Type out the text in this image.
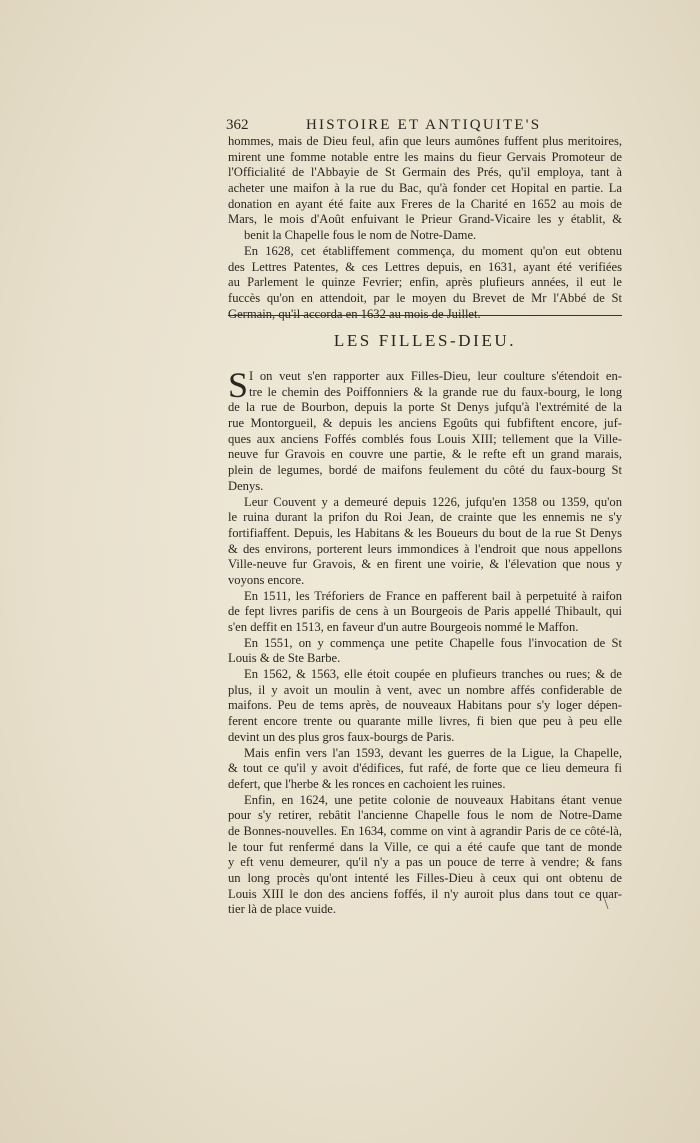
362	HISTOIRE ET ANTIQUITE'S
hommes, mais de Dieu feul, afin que leurs aumônes fuffent plus meritoires,
mirent une fomme notable entre les mains du fieur Gervais Promoteur de
l'Officialité de l'Abbayie de St Germain des Prés, qu'il employa, tant à
acheter une maifon à la rue du Bac, qu'à fonder cet Hopital en partie. La
donation en ayant été faite aux Freres de la Charité en 1652 au mois de
Mars, le mois d'Août enfuivant le Prieur Grand-Vicaire les y établit, &
benit la Chapelle fous le nom de Notre-Dame.
En 1628, cet établiffement commença, du moment qu'on eut obtenu
des Lettres Patentes, & ces Lettres depuis, en 1631, ayant été verifiées
au Parlement le quinze Fevrier; enfin, après plufieurs années, il eut le
fuccès qu'on en attendoit, par le moyen du Brevet de Mr l'Abbé de St
Germain, qu'il accorda en 1632 au mois de Juillet.
LES FILLES-DIEU.
S I on veut s'en rapporter aux Filles-Dieu, leur coulture s'étendoit en-
tre le chemin des Poiffonniers & la grande rue du faux-bourg, le long
de la rue de Bourbon, depuis la porte St Denys jufqu'à l'extrémité de la
rue Montorgueil, & depuis les anciens Egoûts qui fubfiftent encore, juf-
ques aux anciens Foffés comblés fous Louis XIII; tellement que la Ville-
neuve fur Gravois en couvre une partie, & le refte eft un grand marais,
plein de legumes, bordé de maifons feulement du côté du faux-bourg St
Denys.
Leur Couvent y a demeuré depuis 1226, jufqu'en 1358 ou 1359, qu'on
le ruina durant la prifon du Roi Jean, de crainte que les ennemis ne s'y
fortifiaffent. Depuis, les Habitans & les Boueurs du bout de la rue St Denys
& des environs, porterent leurs immondices à l'endroit que nous appellons
Ville-neuve fur Gravois, & en firent une voirie, & l'élevation que nous y
voyons encore.
En 1511, les Tréforiers de France en pafferent bail à perpetuité à raifon
de fept livres parifis de cens à un Bourgeois de Paris appellé Thibault, qui
s'en deffit en 1513, en faveur d'un autre Bourgeois nommé le Maffon.
En 1551, on y commença une petite Chapelle fous l'invocation de St
Louis & de Ste Barbe.
En 1562, & 1563, elle étoit coupée en plufieurs tranches ou rues; & de
plus, il y avoit un moulin à vent, avec un nombre affés confiderable de
maifons. Peu de tems après, de nouveaux Habitans pour s'y loger dépen-
ferent encore trente ou quarante mille livres, fi bien que peu à peu elle
devint un des plus gros faux-bourgs de Paris.
Mais enfin vers l'an 1593, devant les guerres de la Ligue, la Chapelle,
& tout ce qu'il y avoit d'édifices, fut rafé, de forte que ce lieu demeura fi
defert, que l'herbe & les ronces en cachoient les ruines.
Enfin, en 1624, une petite colonie de nouveaux Habitans étant venue
pour s'y retirer, rebâtit l'ancienne Chapelle fous le nom de Notre-Dame
de Bonnes-nouvelles. En 1634, comme on vint à agrandir Paris de ce côté-là,
le tour fut renfermé dans la Ville, ce qui a été caufe que tant de monde
y eft venu demeurer, qu'il n'y a pas un pouce de terre à vendre; & fans
un long procès qu'ont intenté les Filles-Dieu à ceux qui ont obtenu de
Louis XIII le don des anciens foffés, il n'y auroit plus dans tout ce quar-
tier là de place vuide.	\
